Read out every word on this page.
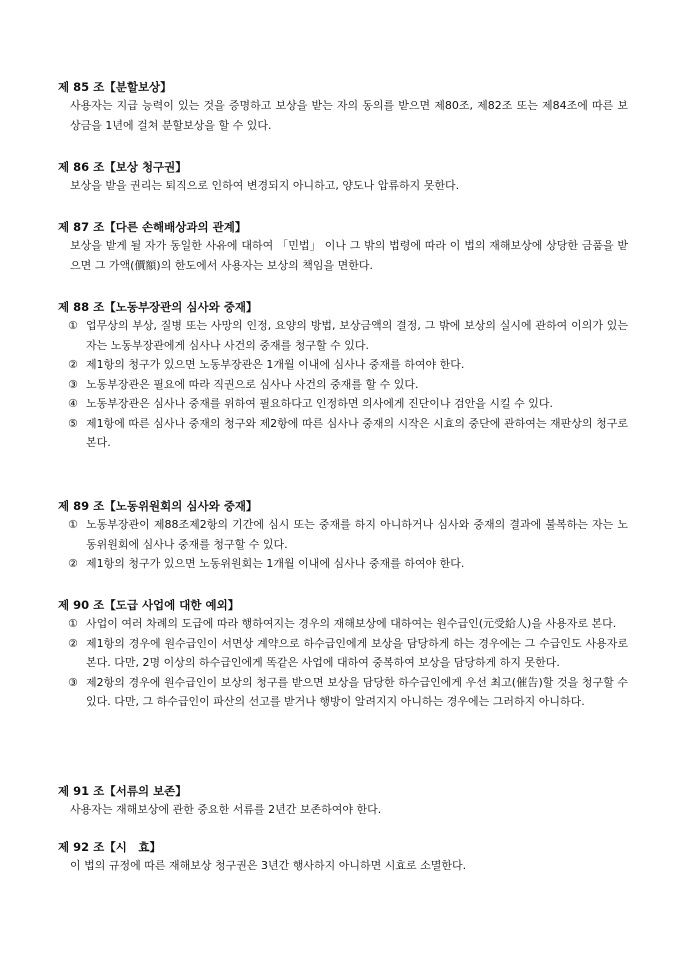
제 85 조【분할보상】
사용자는 지급 능력이 있는 것을 증명하고 보상을 받는 자의 동의를 받으면 제80조, 제82조 또는 제84조에 따른 보상금을 1년에 걸쳐 분할보상을 할 수 있다.
제 86 조【보상 청구권】
보상을 받을 권리는 퇴직으로 인하여 변경되지 아니하고, 양도나 압류하지 못한다.
제 87 조【다른 손해배상과의 관계】
보상을 받게 될 자가 동일한 사유에 대하여 「민법」 이나 그 밖의 법령에 따라 이 법의 재해보상에 상당한 금품을 받으면 그 가액(價額)의 한도에서 사용자는 보상의 책임을 면한다.
제 88 조【노동부장관의 심사와 중재】
① 업무상의 부상, 질병 또는 사망의 인정, 요양의 방법, 보상금액의 결정, 그 밖에 보상의 실시에 관하여 이의가 있는 자는 노동부장관에게 심사나 사건의 중재를 청구할 수 있다.
② 제1항의 청구가 있으면 노동부장관은 1개월 이내에 심사나 중재를 하여야 한다.
③ 노동부장관은 필요에 따라 직권으로 심사나 사건의 중재를 할 수 있다.
④ 노동부장관은 심사나 중재를 위하여 필요하다고 인정하면 의사에게 진단이나 검안을 시킬 수 있다.
⑤ 제1항에 따른 심사나 중재의 청구와 제2항에 따른 심사나 중재의 시작은 시효의 중단에 관하여는 재판상의 청구로 본다.
제 89 조【노동위원회의 심사와 중재】
① 노동부장관이 제88조제2항의 기간에 심시 또는 중재를 하지 아니하거나 심사와 중재의 결과에 불복하는 자는 노동위원회에 심사나 중재를 청구할 수 있다.
② 제1항의 청구가 있으면 노동위원회는 1개월 이내에 심사나 중재를 하여야 한다.
제 90 조【도급 사업에 대한 예외】
① 사업이 여러 차례의 도급에 따라 행하여지는 경우의 재해보상에 대하여는 원수급인(元受給人)을 사용자로 본다.
② 제1항의 경우에 원수급인이 서면상 계약으로 하수급인에게 보상을 담당하게 하는 경우에는 그 수급인도 사용자로 본다. 다만, 2명 이상의 하수급인에게 똑같은 사업에 대하여 중복하여 보상을 담당하게 하지 못한다.
③ 제2항의 경우에 원수급인이 보상의 청구를 받으면 보상을 담당한 하수급인에게 우선 최고(催告)할 것을 청구할 수 있다. 다만, 그 하수급인이 파산의 선고를 받거나 행방이 알려지지 아니하는 경우에는 그러하지 아니하다.
제 91 조【서류의 보존】
사용자는 재해보상에 관한 중요한 서류를 2년간 보존하여야 한다.
제 92 조【시　효】
이 법의 규정에 따른 재해보상 청구권은 3년간 행사하지 아니하면 시효로 소멸한다.
